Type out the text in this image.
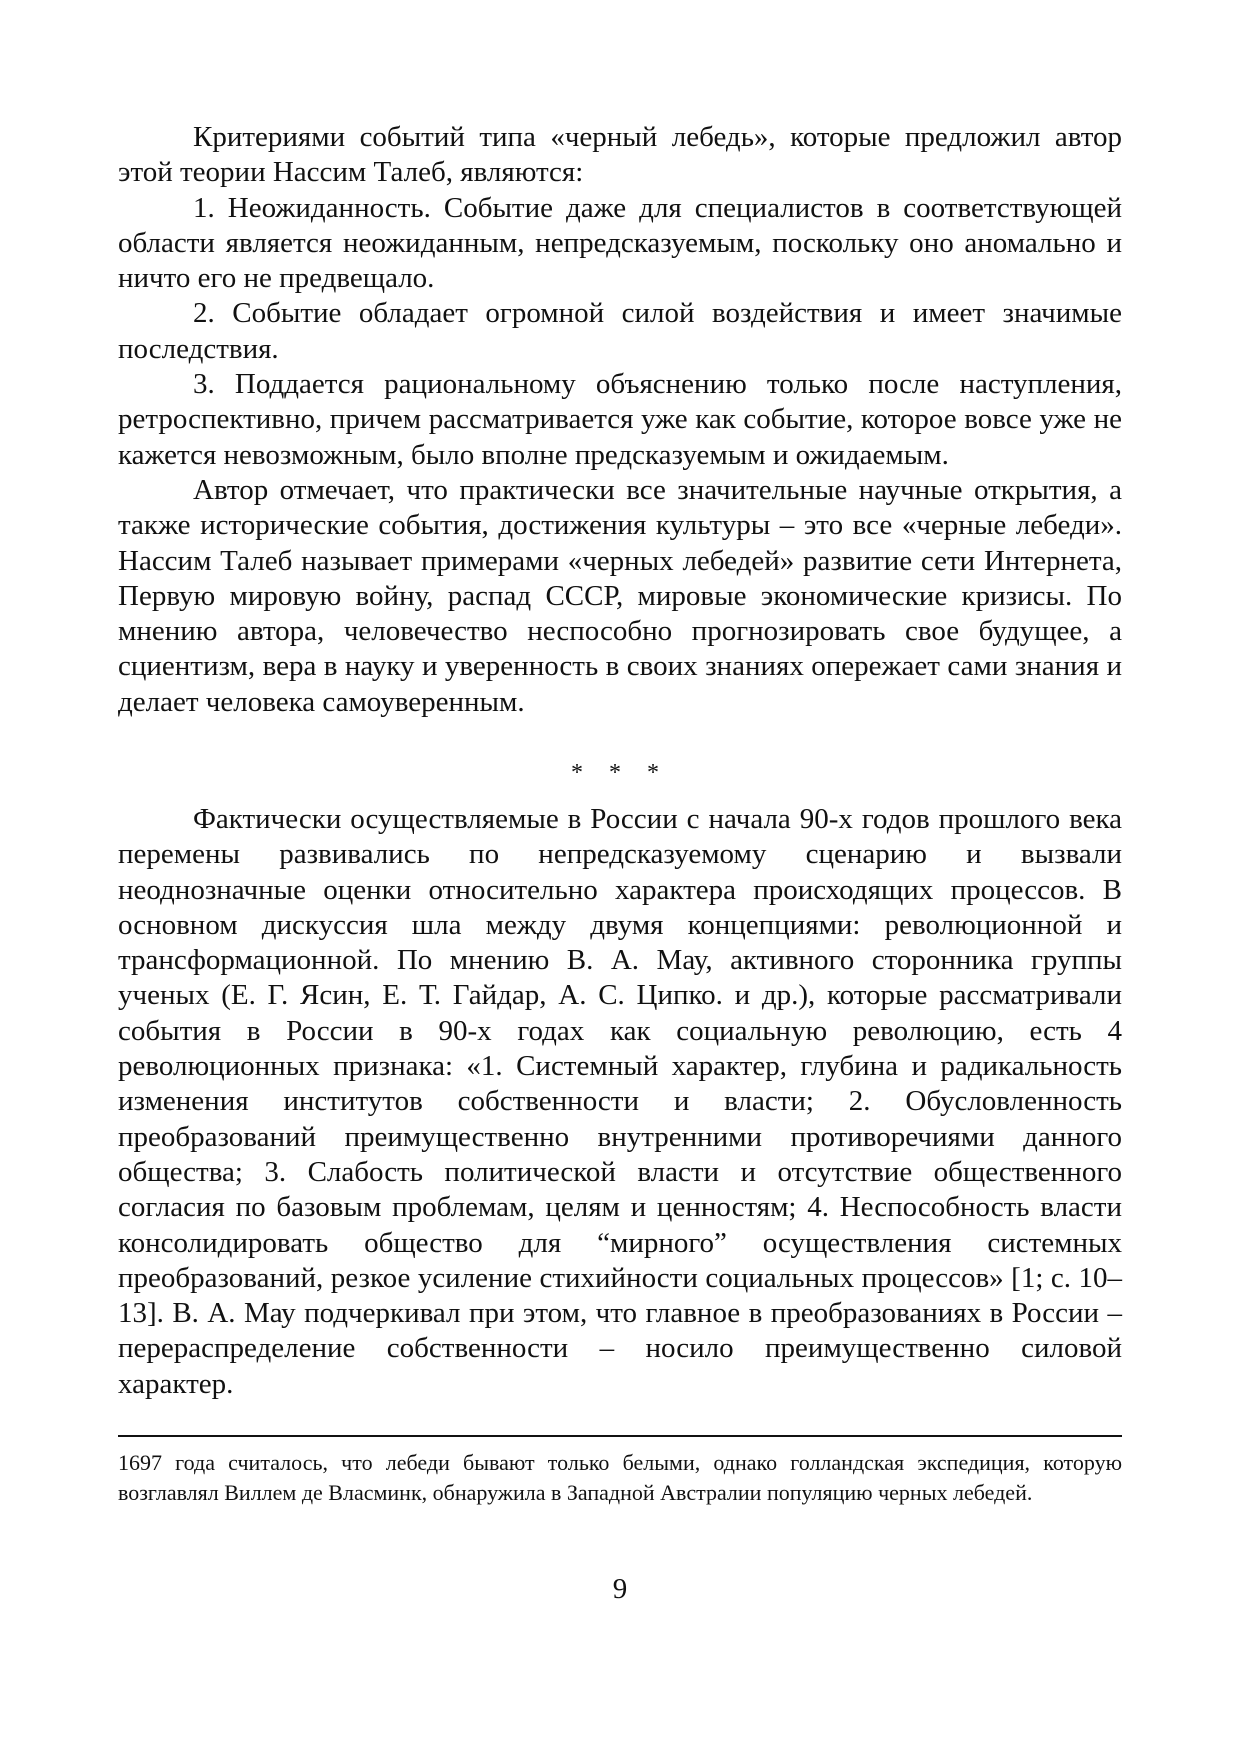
Критериями событий типа «черный лебедь», которые предложил автор этой теории Нассим Талеб, являются:

1. Неожиданность. Событие даже для специалистов в соответствующей области является неожиданным, непредсказуемым, поскольку оно аномально и ничто его не предвещало.

2. Событие обладает огромной силой воздействия и имеет значимые последствия.

3. Поддается рациональному объяснению только после наступления, ретроспективно, причем рассматривается уже как событие, которое вовсе уже не кажется невозможным, было вполне предсказуемым и ожидаемым.

Автор отмечает, что практически все значительные научные открытия, а также исторические события, достижения культуры – это все «черные лебеди». Нассим Талеб называет примерами «черных лебедей» развитие сети Интернета, Первую мировую войну, распад СССР, мировые экономические кризисы. По мнению автора, человечество неспособно прогнозировать свое будущее, а сциентизм, вера в науку и уверенность в своих знаниях опережает сами знания и делает человека самоуверенным.

* * *

Фактически осуществляемые в России с начала 90-х годов прошлого века перемены развивались по непредсказуемому сценарию и вызвали неоднозначные оценки относительно характера происходящих процессов. В основном дискуссия шла между двумя концепциями: революционной и трансформационной. По мнению В. А. Мау, активного сторонника группы ученых (Е. Г. Ясин, Е. Т. Гайдар, А. С. Ципко. и др.), которые рассматривали события в России в 90-х годах как социальную революцию, есть 4 революционных признака: «1. Системный характер, глубина и радикальность изменения институтов собственности и власти; 2. Обусловленность преобразований преимущественно внутренними противоречиями данного общества; 3. Слабость политической власти и отсутствие общественного согласия по базовым проблемам, целям и ценностям; 4. Неспособность власти консолидировать общество для “мирного” осуществления системных преобразований, резкое усиление стихийности социальных процессов» [1; с. 10–13]. В. А. Мау подчеркивал при этом, что главное в преобразованиях в России – перераспределение собственности – носило преимущественно силовой характер.

1697 года считалось, что лебеди бывают только белыми, однако голландская экспедиция, которую возглавлял Виллем де Власминк, обнаружила в Западной Австралии популяцию черных лебедей.

9
